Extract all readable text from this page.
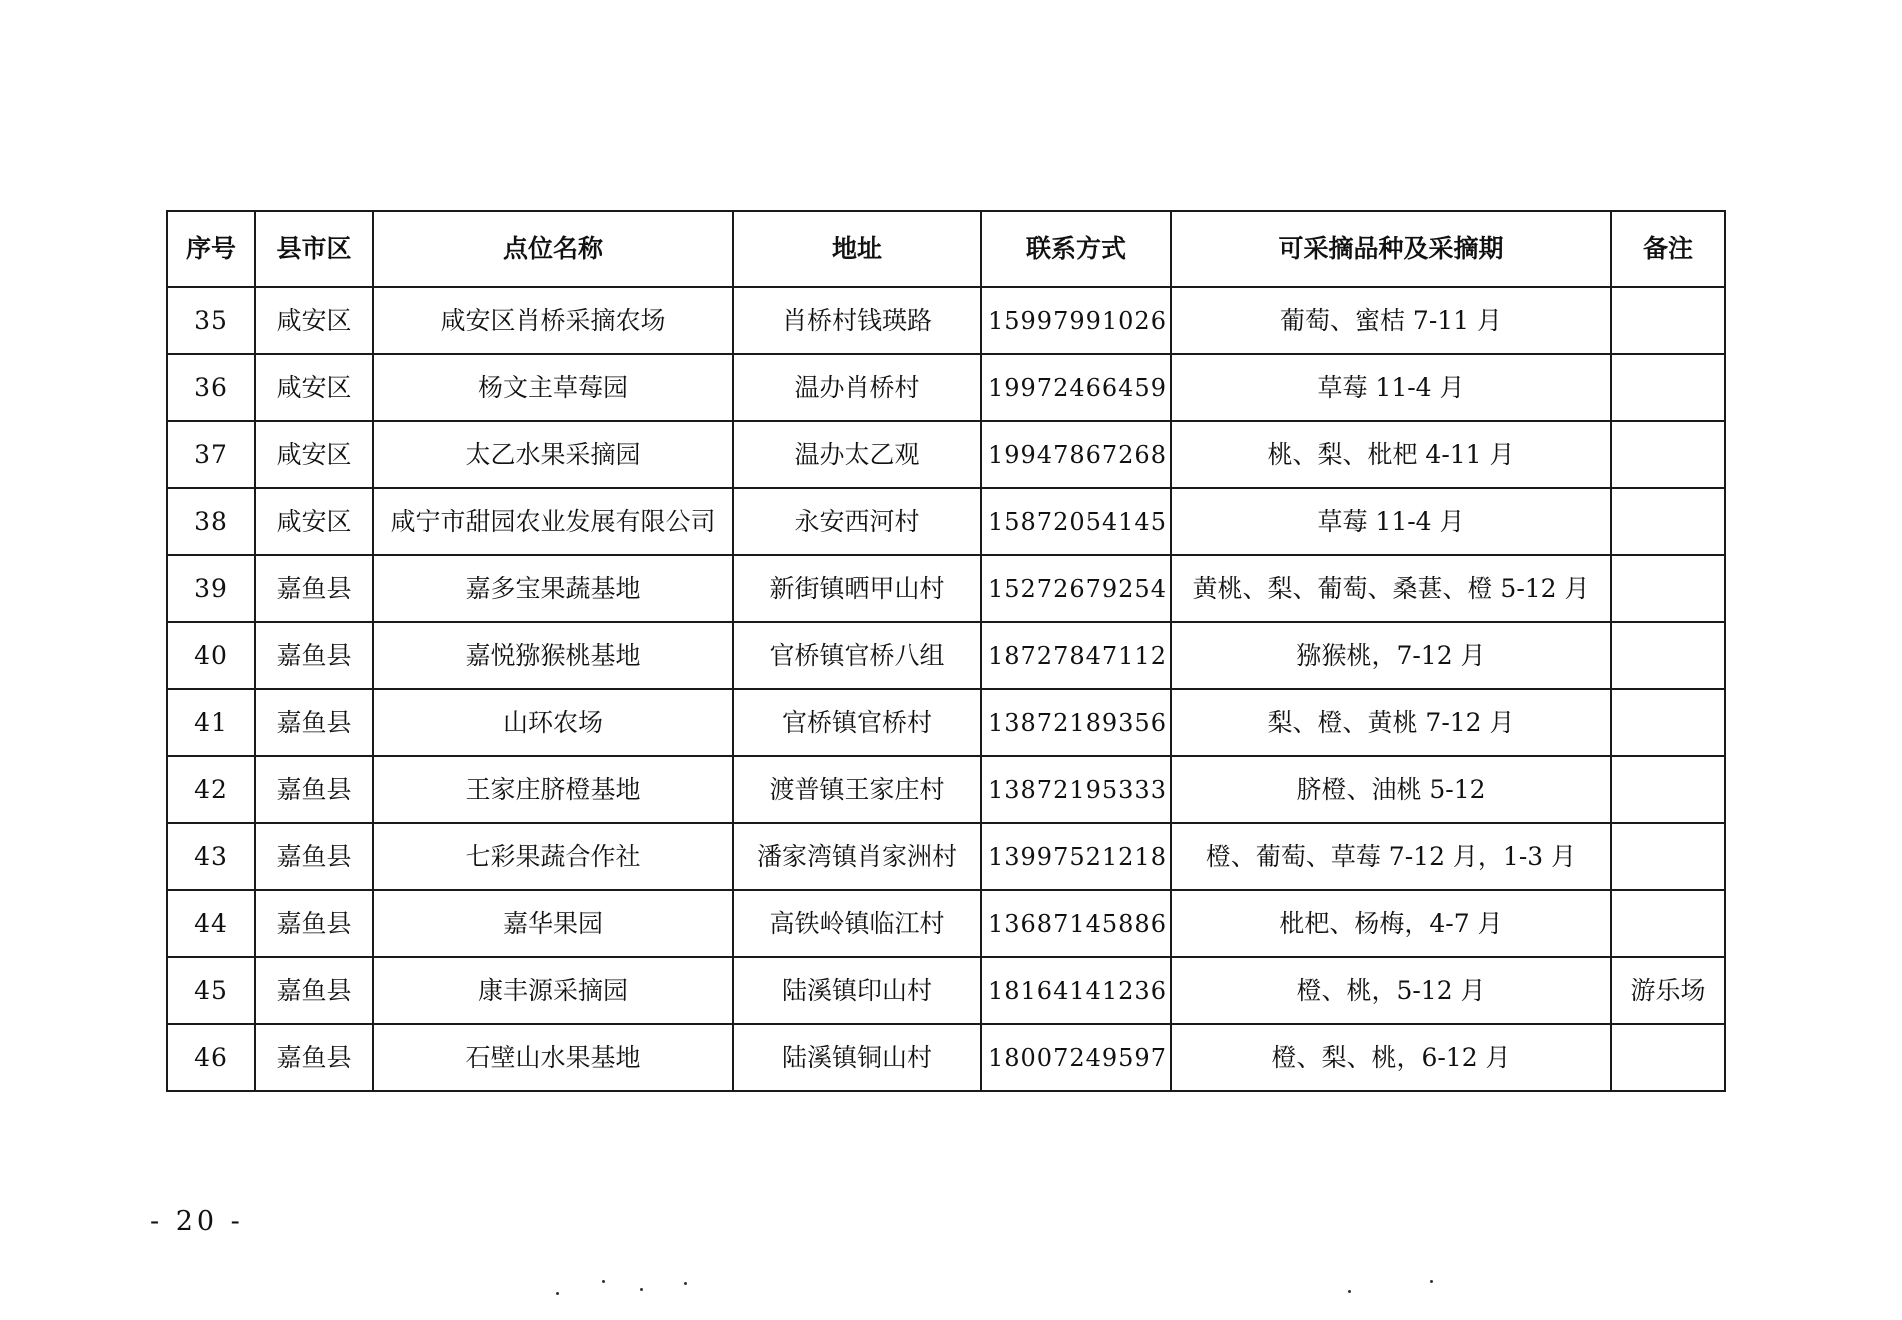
序号	县市区	点位名称	地址	联系方式	可采摘品种及采摘期	备注
35	咸安区	咸安区肖桥采摘农场	肖桥村钱瑛路	15997991026	葡萄、蜜桔 7-11 月	
36	咸安区	杨文主草莓园	温办肖桥村	19972466459	草莓 11-4 月	
37	咸安区	太乙水果采摘园	温办太乙观	19947867268	桃、梨、枇杷 4-11 月	
38	咸安区	咸宁市甜园农业发展有限公司	永安西河村	15872054145	草莓 11-4 月	
39	嘉鱼县	嘉多宝果蔬基地	新街镇晒甲山村	15272679254	黄桃、梨、葡萄、桑葚、橙 5-12 月	
40	嘉鱼县	嘉悦猕猴桃基地	官桥镇官桥八组	18727847112	猕猴桃，7-12 月	
41	嘉鱼县	山环农场	官桥镇官桥村	13872189356	梨、橙、黄桃 7-12 月	
42	嘉鱼县	王家庄脐橙基地	渡普镇王家庄村	13872195333	脐橙、油桃 5-12	
43	嘉鱼县	七彩果蔬合作社	潘家湾镇肖家洲村	13997521218	橙、葡萄、草莓 7-12 月，1-3 月	
44	嘉鱼县	嘉华果园	高铁岭镇临江村	13687145886	枇杷、杨梅，4-7 月	
45	嘉鱼县	康丰源采摘园	陆溪镇印山村	18164141236	橙、桃，5-12 月	游乐场
46	嘉鱼县	石壁山水果基地	陆溪镇铜山村	18007249597	橙、梨、桃，6-12 月	
- 20 -
